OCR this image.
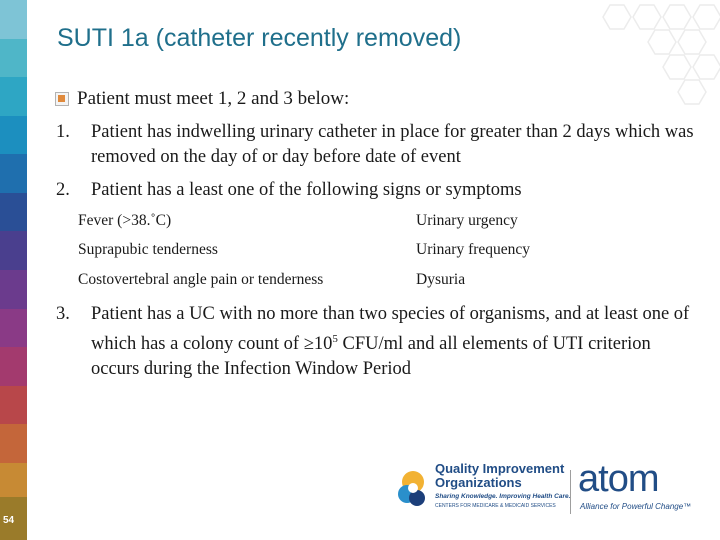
SUTI 1a (catheter recently removed)
Patient must meet 1, 2 and 3 below:
1. Patient has indwelling urinary catheter in place for greater than 2 days which was removed on the day of or day before date of event
2. Patient has a least one of the following signs or symptoms
Fever (>38.˚C)
Suprapubic tenderness
Costovertebral angle pain or tenderness
Urinary urgency
Urinary frequency
Dysuria
3. Patient has a UC with no more than two species of organisms, and at least one of which has a colony count of $\ge 10^5$ CFU/ml and all elements of UTI criterion occurs during the Infection Window Period
Quality Improvement
Organizations
Sharing Knowledge. Improving Health Care.
CENTERS FOR MEDICARE & MEDICAID SERVICES
atom
Alliance for Powerful Change™
54
